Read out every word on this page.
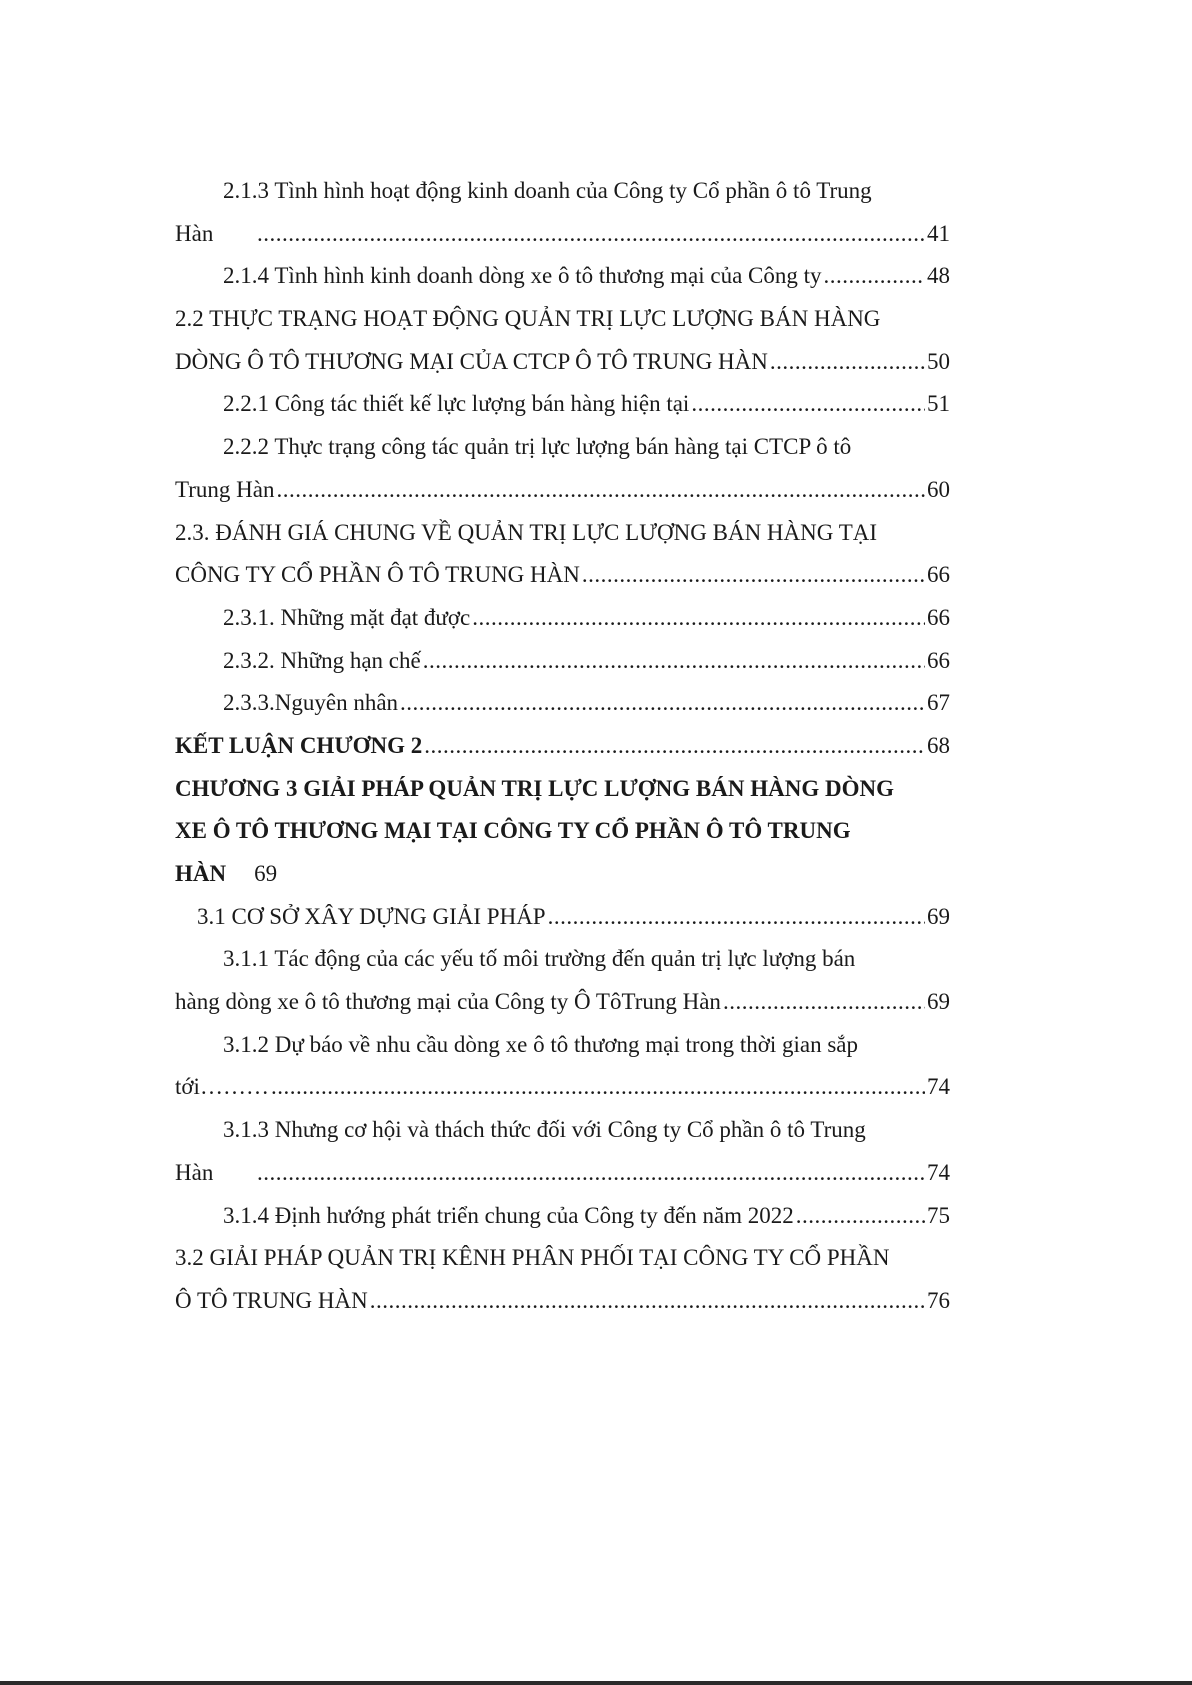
2.1.3 Tình hình hoạt động kinh doanh của Công ty Cổ phần ô tô Trung
Hàn .....	41
2.1.4 Tình hình kinh doanh dòng xe ô tô thương mại của Công ty .....	48
2.2 THỰC TRẠNG HOẠT ĐỘNG QUẢN TRỊ LỰC LƯỢNG BÁN HÀNG
DÒNG Ô TÔ THƯƠNG MẠI CỦA CTCP Ô TÔ TRUNG HÀN .....	50
2.2.1 Công tác thiết kế lực lượng bán hàng hiện tại .....	51
2.2.2 Thực trạng công tác quản trị lực lượng bán hàng tại CTCP ô tô
Trung Hàn .....	60
2.3. ĐÁNH GIÁ CHUNG VỀ QUẢN TRỊ LỰC LƯỢNG BÁN HÀNG TẠI
CÔNG TY CỔ PHẦN Ô TÔ TRUNG HÀN .....	66
2.3.1. Những mặt đạt được .....	66
2.3.2. Những hạn chế .....	66
2.3.3.Nguyên nhân .....	67
KẾT LUẬN CHƯƠNG 2 .....	68
CHƯƠNG 3 GIẢI PHÁP QUẢN TRỊ LỰC LƯỢNG BÁN HÀNG DÒNG
XE Ô TÔ THƯƠNG MẠI TẠI CÔNG TY CỔ PHẦN Ô TÔ TRUNG
HÀN 69
3.1 CƠ SỞ XÂY DỰNG GIẢI PHÁP .....	69
3.1.1 Tác động của các yếu tố môi trường đến quản trị lực lượng bán
hàng dòng xe ô tô thương mại của Công ty Ô TôTrung Hàn .....	69
3.1.2 Dự báo về nhu cầu dòng xe ô tô thương mại trong thời gian sắp
tới……… .....	74
3.1.3 Nhưng cơ hội và thách thức đối với Công ty Cổ phần ô tô Trung
Hàn .....	74
3.1.4 Định hướng phát triển chung của Công ty đến năm 2022 .....	75
3.2 GIẢI PHÁP QUẢN TRỊ KÊNH PHÂN PHỐI TẠI CÔNG TY CỔ PHẦN
Ô TÔ TRUNG HÀN .....	76
